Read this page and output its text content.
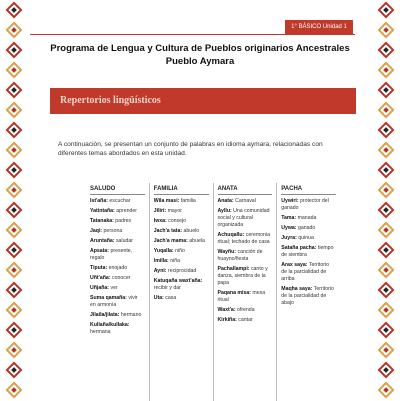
1° BÁSICO Unidad 1
Programa de Lengua y Cultura de Pueblos originarios Ancestrales
Pueblo Aymara
Repertorios lingüísticos

A continuación, se presentan un conjunto de palabras en idioma aymara, relacionadas con diferentes temas abordados en esta unidad.

SALUDO
Ist'aña: escuchar
Yatintaña: aprender
Tatanaka: padres
Jaqi: persona
Aruntaña: saludar
Apsata: presente, regalo
Tiputa: enojado
Uñt'aña: conocer
Uñjaña: ver
Suma qamaña: vivir en armonía
Jilaila/jilata: hermano
Kullaña/kullaka: hermana
FAMILIA
Wila masi: familia
Jiliri: mayor
Iwxa: consejo
Jach'a tata: abuelo
Jach'a mama: abuela
Yuqalla: niño
Imilla: niña
Ayni: reciprocidad
Katuqaña waxt'aña: recibir y dar
Uta: casa
ANATA
Anata: Carnaval
Ayllu: Una comunidad social y cultural organizada
Achuqallu: ceremonia ritual; techado de casa
Wayñu: canción de huayno/fiesta
Pachallampi: canto y danza, siembra de la papa
Paqana misa: mesa ritual
Waxt'a: ofrenda
Kirkiña: cantar
PACHA
Uywiri: protector del ganado
Tama: manada
Uywa: ganado
Juyra: quinua
Sataña pacha: tiempo de siembra
Arax saya: Territorio de la parcialidad de arriba
Maqha saya: Territorio de la parcialidad de abajo
